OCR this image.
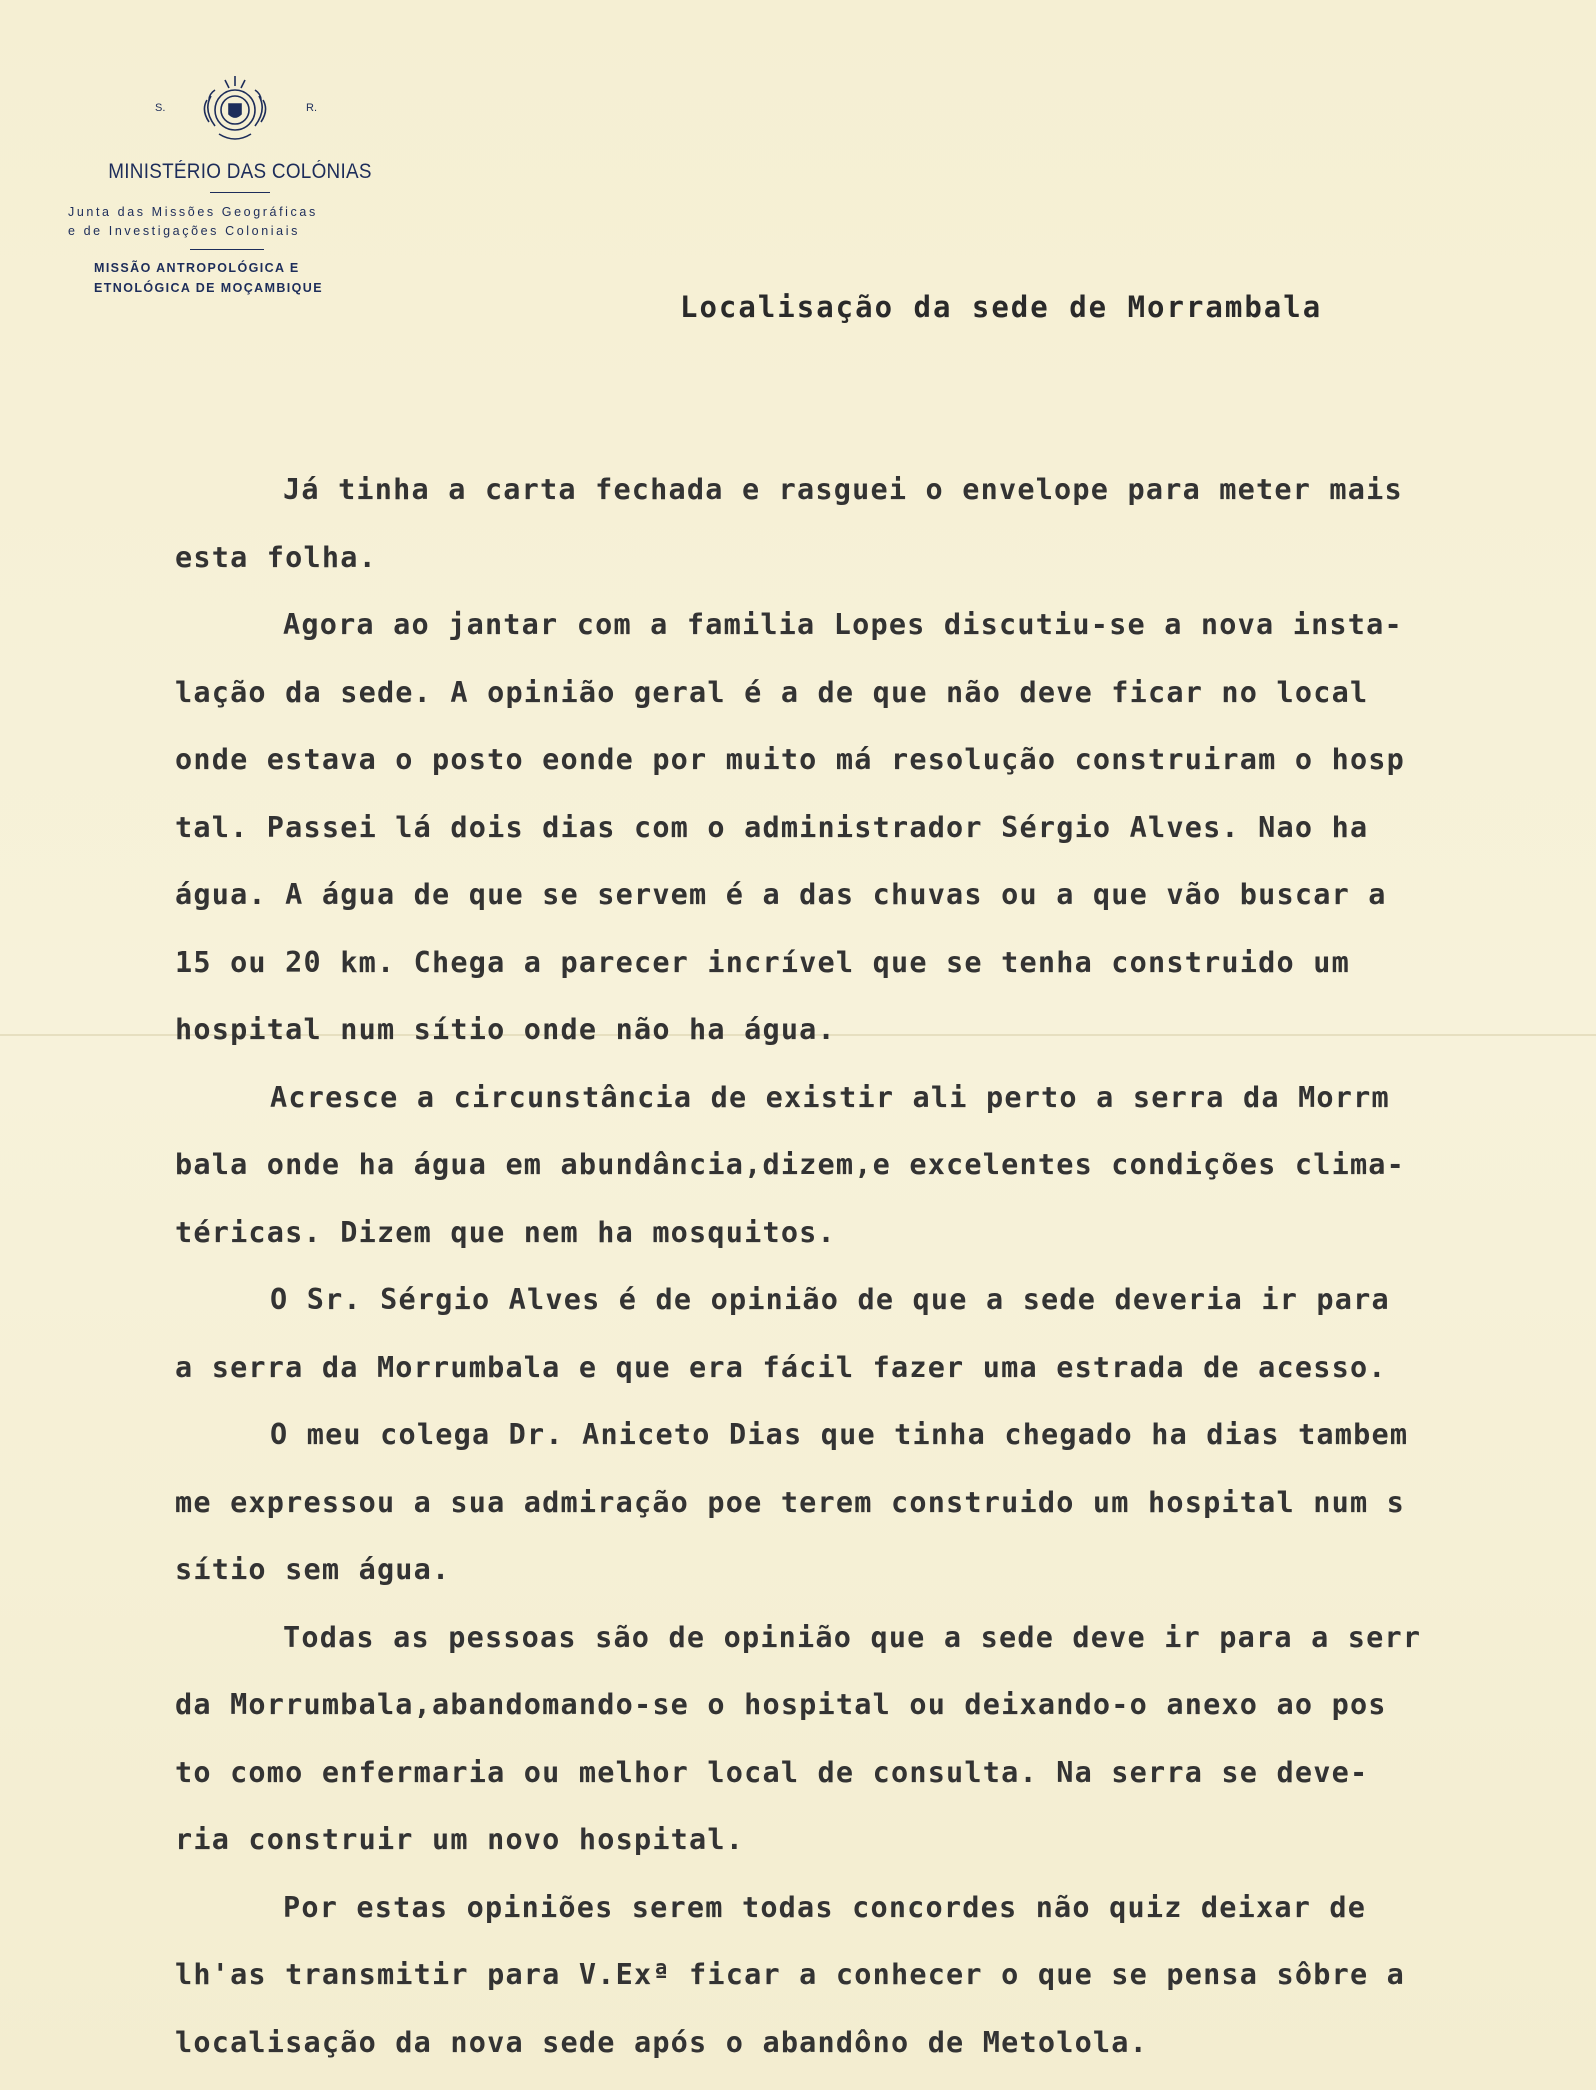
S.	R.
MINISTÉRIO DAS COLÓNIAS
Junta das Missões Geográficas
e de Investigações Coloniais
MISSÃO ANTROPOLÓGICA E
ETNOLÓGICA DE MOÇAMBIQUE
Localisação da sede de Morrambala
Já tinha a carta fechada e rasguei o envelope para meter mais
esta folha.
Agora ao jantar com a familia Lopes discutiu-se a nova insta-
lação da sede. A opinião geral é a de que não deve ficar no local
onde estava o posto eonde por muito má resolução construiram o hosp
tal. Passei lá dois dias com o administrador Sérgio Alves. Nao ha
água. A água de que se servem é a das chuvas ou a que vão buscar a
15 ou 20 km. Chega a parecer incrível que se tenha construido um
hospital num sítio onde não ha água.
Acresce a circunstância de existir ali perto a serra da Morrm
bala onde ha água em abundância,dizem,e excelentes condições clima-
téricas. Dizem que nem ha mosquitos.
O Sr. Sérgio Alves é de opinião de que a sede deveria ir para
a serra da Morrumbala e que era fácil fazer uma estrada de acesso.
O meu colega Dr. Aniceto Dias que tinha chegado ha dias tambem
me expressou a sua admiração poe terem construido um hospital num s
sítio sem água.
Todas as pessoas são de opinião que a sede deve ir para a serr
da Morrumbala,abandomando-se o hospital ou deixando-o anexo ao pos
to como enfermaria ou melhor local de consulta. Na serra se deve-
ria construir um novo hospital.
Por estas opiniões serem todas concordes não quiz deixar de
lh'as transmitir para V.Exª ficar a conhecer o que se pensa sôbre a
localisação da nova sede após o abandôno de Metolola.
